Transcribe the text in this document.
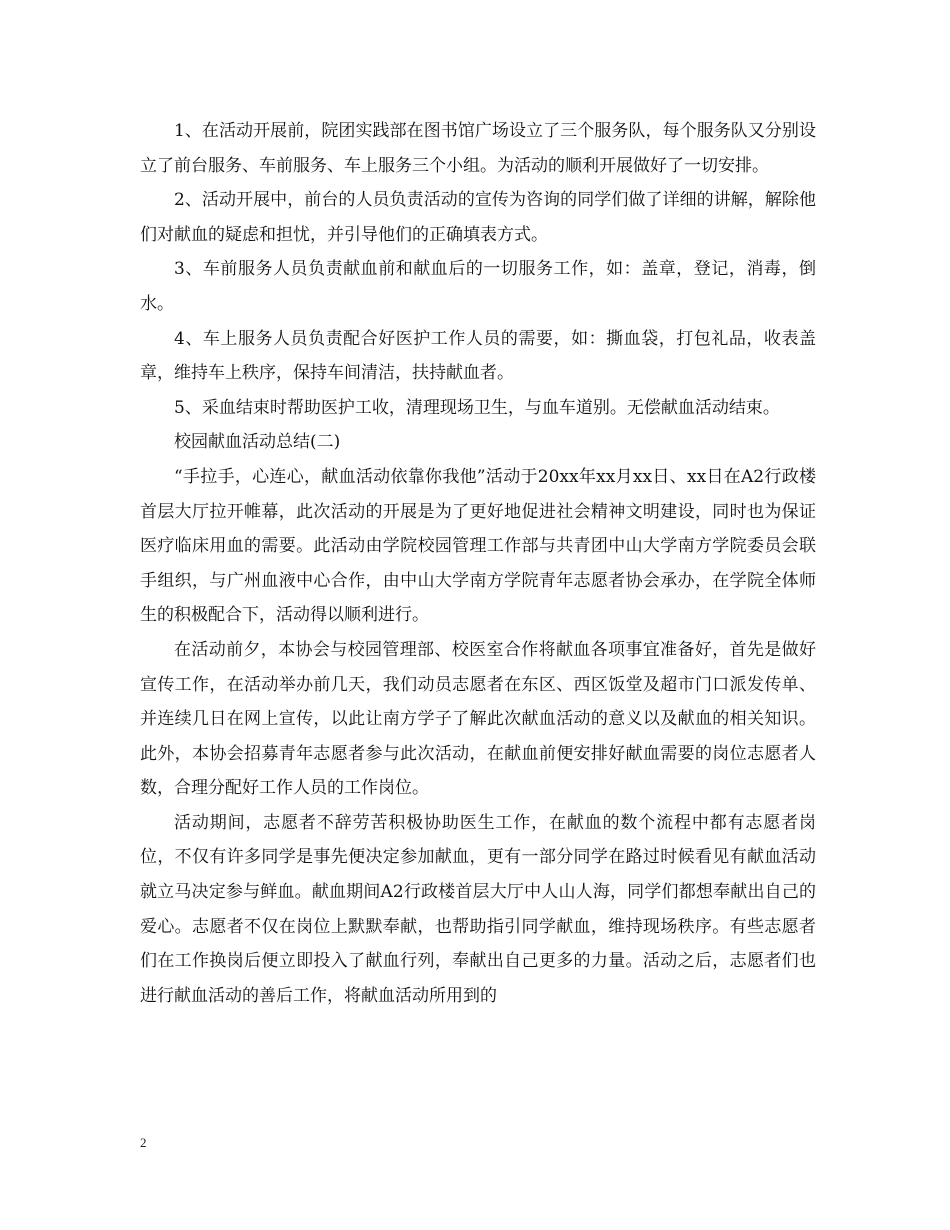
1、在活动开展前，院团实践部在图书馆广场设立了三个服务队，每个服务队又分别设立了前台服务、车前服务、车上服务三个小组。为活动的顺利开展做好了一切安排。

2、活动开展中，前台的人员负责活动的宣传为咨询的同学们做了详细的讲解，解除他们对献血的疑虑和担忧，并引导他们的正确填表方式。

3、车前服务人员负责献血前和献血后的一切服务工作，如：盖章，登记，消毒，倒水。

4、车上服务人员负责配合好医护工作人员的需要，如：撕血袋，打包礼品，收表盖章，维持车上秩序，保持车间清洁，扶持献血者。

5、采血结束时帮助医护工收，清理现场卫生，与血车道别。无偿献血活动结束。

校园献血活动总结(二)

“手拉手，心连心，献血活动依靠你我他”活动于20xx年xx月xx日、xx日在A2行政楼首层大厅拉开帷幕，此次活动的开展是为了更好地促进社会精神文明建设，同时也为保证医疗临床用血的需要。此活动由学院校园管理工作部与共青团中山大学南方学院委员会联手组织，与广州血液中心合作，由中山大学南方学院青年志愿者协会承办，在学院全体师生的积极配合下，活动得以顺利进行。

在活动前夕，本协会与校园管理部、校医室合作将献血各项事宜准备好，首先是做好宣传工作，在活动举办前几天，我们动员志愿者在东区、西区饭堂及超市门口派发传单、并连续几日在网上宣传，以此让南方学子了解此次献血活动的意义以及献血的相关知识。此外，本协会招募青年志愿者参与此次活动，在献血前便安排好献血需要的岗位志愿者人数，合理分配好工作人员的工作岗位。

活动期间，志愿者不辞劳苦积极协助医生工作，在献血的数个流程中都有志愿者岗位，不仅有许多同学是事先便决定参加献血，更有一部分同学在路过时候看见有献血活动就立马决定参与鲜血。献血期间A2行政楼首层大厅中人山人海，同学们都想奉献出自己的爱心。志愿者不仅在岗位上默默奉献，也帮助指引同学献血，维持现场秩序。有些志愿者们在工作换岗后便立即投入了献血行列，奉献出自己更多的力量。活动之后，志愿者们也进行献血活动的善后工作，将献血活动所用到的

2
